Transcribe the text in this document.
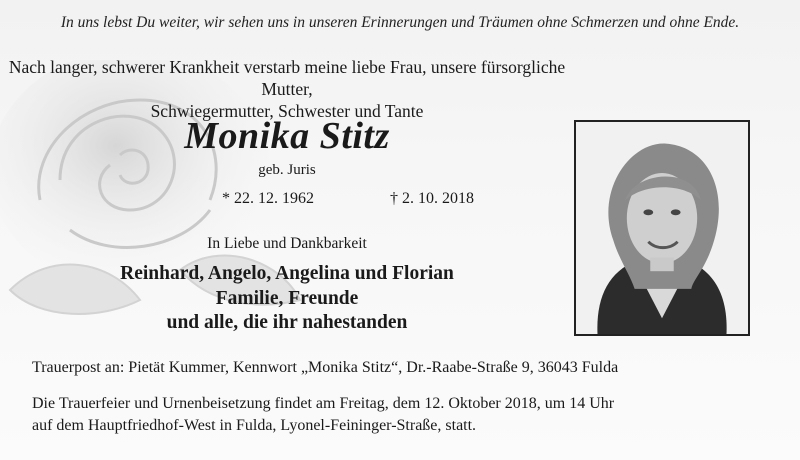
In uns lebst Du weiter, wir sehen uns in unseren Erinnerungen und Träumen ohne Schmerzen und ohne Ende.
Nach langer, schwerer Krankheit verstarb meine liebe Frau, unsere fürsorgliche Mutter,
Schwiegermutter, Schwester und Tante
Monika Stitz
geb. Juris
* 22. 12. 1962	† 2. 10. 2018
In Liebe und Dankbarkeit
Reinhard, Angelo, Angelina und Florian
Familie, Freunde
und alle, die ihr nahestanden
Trauerpost an: Pietät Kummer, Kennwort „Monika Stitz“, Dr.-Raabe-Straße 9, 36043 Fulda
Die Trauerfeier und Urnenbeisetzung findet am Freitag, dem 12. Oktober 2018, um 14 Uhr
auf dem Hauptfriedhof-West in Fulda, Lyonel-Feininger-Straße, statt.
